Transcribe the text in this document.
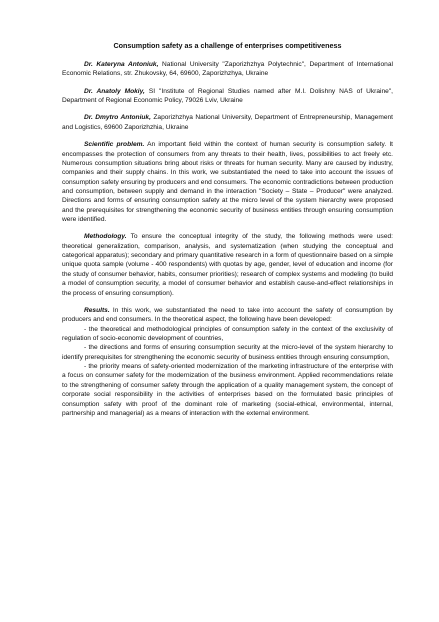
Consumption safety as a challenge of enterprises competitiveness

Dr. Kateryna Antoniuk, National University "Zaporizhzhya Polytechnic", Department of International Economic Relations, str. Zhukovsky, 64, 69600, Zaporizhzhya, Ukraine

Dr. Anatoly Mokiy, SI "Institute of Regional Studies named after M.I. Dolishny NAS of Ukraine", Department of Regional Economic Policy, 79026 Lviv, Ukraine

Dr. Dmytro Antoniuk, Zaporizhzhya National University, Department of Entrepreneurship, Management and Logistics, 69600 Zaporizhzhia, Ukraine

Scientific problem. An important field within the context of human security is consumption safety. It encompasses the protection of consumers from any threats to their health, lives, possibilities to act freely etc. Numerous consumption situations bring about risks or threats for human security. Many are caused by industry, companies and their supply chains. In this work, we substantiated the need to take into account the issues of consumption safety ensuring by producers and end consumers. The economic contradictions between production and consumption, between supply and demand in the interaction "Society – State – Producer" were analyzed. Directions and forms of ensuring consumption safety at the micro level of the system hierarchy were proposed and the prerequisites for strengthening the economic security of business entities through ensuring consumption were identified.

Methodology. To ensure the conceptual integrity of the study, the following methods were used: theoretical generalization, comparison, analysis, and systematization (when studying the conceptual and categorical apparatus); secondary and primary quantitative research in a form of questionnaire based on a simple unique quota sample (volume - 400 respondents) with quotas by age, gender, level of education and income (for the study of consumer behavior, habits, consumer priorities); research of complex systems and modeling (to build a model of consumption security, a model of consumer behavior and establish cause-and-effect relationships in the process of ensuring consumption).

Results. In this work, we substantiated the need to take into account the safety of consumption by producers and end consumers. In the theoretical aspect, the following have been developed:

- the theoretical and methodological principles of consumption safety in the context of the exclusivity of regulation of socio-economic development of countries,

- the directions and forms of ensuring consumption security at the micro-level of the system hierarchy to identify prerequisites for strengthening the economic security of business entities through ensuring consumption,

- the priority means of safety-oriented modernization of the marketing infrastructure of the enterprise with a focus on consumer safety for the modernization of the business environment. Applied recommendations relate to the strengthening of consumer safety through the application of a quality management system, the concept of corporate social responsibility in the activities of enterprises based on the formulated basic principles of consumption safety with proof of the dominant role of marketing (social-ethical, environmental, internal, partnership and managerial) as a means of interaction with the external environment.
